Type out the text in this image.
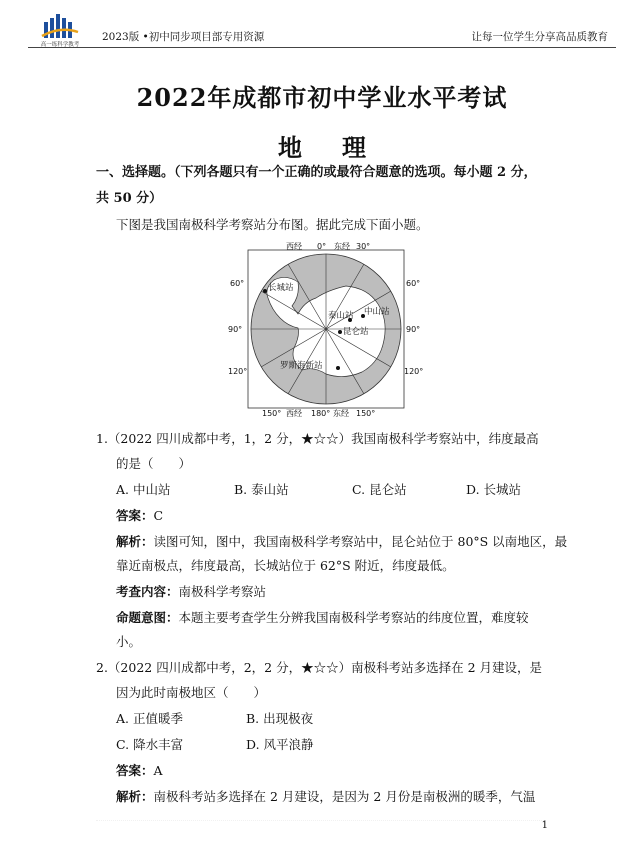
高一练科学教考
2023版 •初中同步项目部专用资源	让每一位学生分享高品质教育
2022年成都市初中学业水平考试
地理
一、选择题。（下列各题只有一个正确的或最符合题意的选项。每小题 2 分，
共 50 分）
下图是我国南极科学考察站分布图。据此完成下面小题。
西经 0° 东经 30°
150° 西经 180° 东经 150°
60°
90°
120°
60°
90°
120°
长城站
泰山站 中山站
昆仑站
罗斯海新站
1.（2022 四川成都中考，1，2 分，★☆☆）我国南极科学考察站中，纬度最高
的是（　　）
A. 中山站	B. 泰山站	C. 昆仑站	D. 长城站
答案：C
解析：读图可知，图中，我国南极科学考察站中，昆仑站位于 80°S 以南地区，最
靠近南极点，纬度最高，长城站位于 62°S 附近，纬度最低。
考查内容：南极科学考察站
命题意图：本题主要考查学生分辨我国南极科学考察站的纬度位置，难度较
小。
2.（2022 四川成都中考，2，2 分，★☆☆）南极科考站多选择在 2 月建设，是
因为此时南极地区（　　）
A. 正值暖季	B. 出现极夜
C. 降水丰富	D. 风平浪静
答案：A
解析：南极科考站多选择在 2 月建设，是因为 2 月份是南极洲的暖季，气温
1
